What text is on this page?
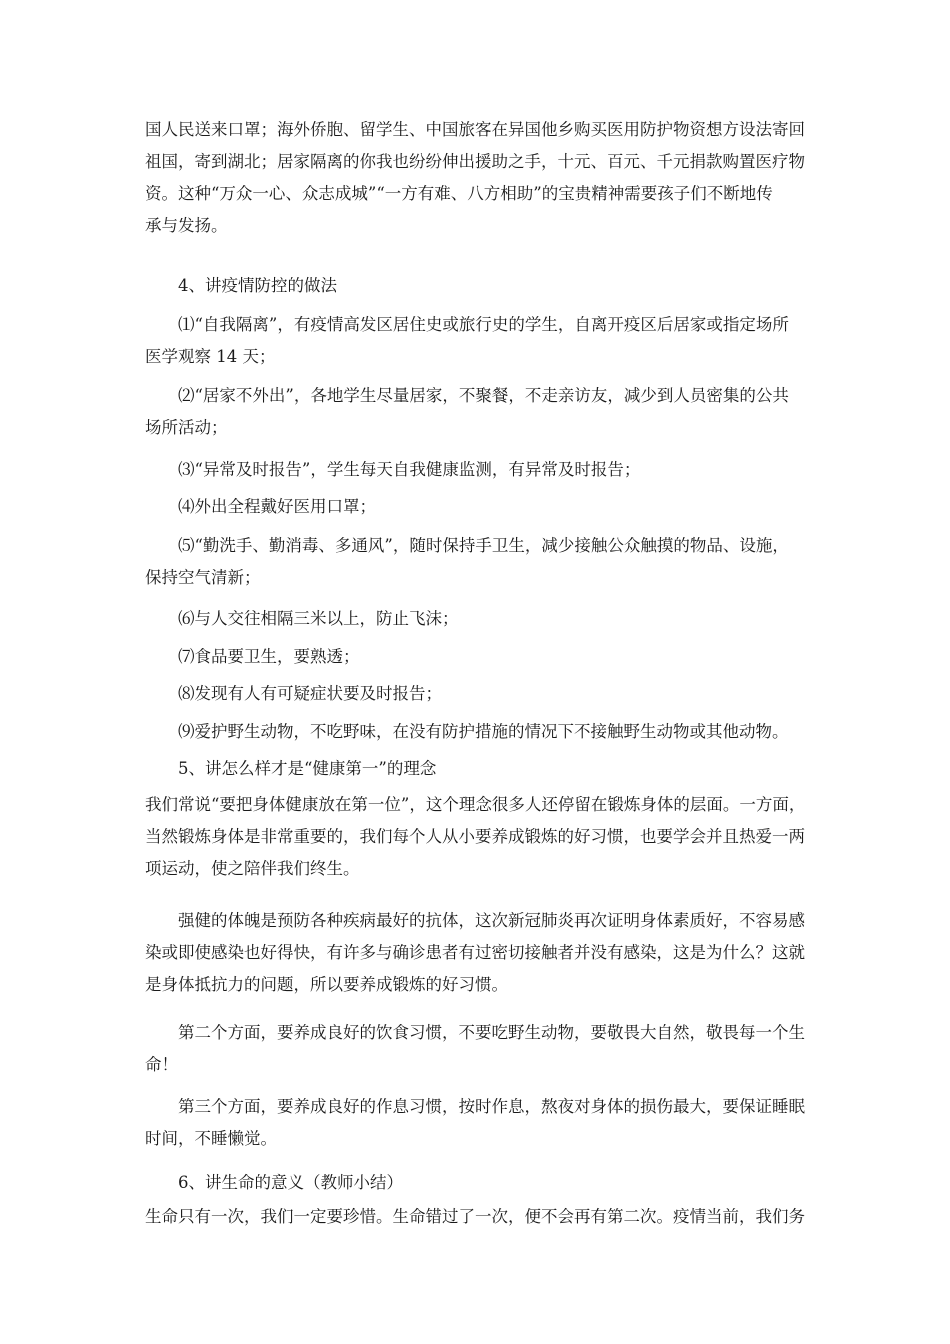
国人民送来口罩；海外侨胞、留学生、中国旅客在异国他乡购买医用防护物资想方设法寄回
祖国，寄到湖北；居家隔离的你我也纷纷伸出援助之手，十元、百元、千元捐款购置医疗物
资。这种“万众一心、众志成城”“一方有难、八方相助”的宝贵精神需要孩子们不断地传
承与发扬。
4、讲疫情防控的做法
⑴“自我隔离”，有疫情高发区居住史或旅行史的学生，自离开疫区后居家或指定场所
医学观察 14 天；
⑵“居家不外出”，各地学生尽量居家，不聚餐，不走亲访友，减少到人员密集的公共
场所活动；
⑶“异常及时报告”，学生每天自我健康监测，有异常及时报告；
⑷外出全程戴好医用口罩；
⑸“勤洗手、勤消毒、多通风”，随时保持手卫生，减少接触公众触摸的物品、设施，
保持空气清新；
⑹与人交往相隔三米以上，防止飞沫；
⑺食品要卫生，要熟透；
⑻发现有人有可疑症状要及时报告；
⑼爱护野生动物，不吃野味，在没有防护措施的情况下不接触野生动物或其他动物。
5、讲怎么样才是“健康第一”的理念
我们常说“要把身体健康放在第一位”，这个理念很多人还停留在锻炼身体的层面。一方面，
当然锻炼身体是非常重要的，我们每个人从小要养成锻炼的好习惯，也要学会并且热爱一两
项运动，使之陪伴我们终生。
强健的体魄是预防各种疾病最好的抗体，这次新冠肺炎再次证明身体素质好，不容易感
染或即使感染也好得快，有许多与确诊患者有过密切接触者并没有感染，这是为什么？这就
是身体抵抗力的问题，所以要养成锻炼的好习惯。
第二个方面，要养成良好的饮食习惯，不要吃野生动物，要敬畏大自然，敬畏每一个生
命！
第三个方面，要养成良好的作息习惯，按时作息，熬夜对身体的损伤最大，要保证睡眠
时间，不睡懒觉。
6、讲生命的意义（教师小结）
生命只有一次，我们一定要珍惜。生命错过了一次，便不会再有第二次。疫情当前，我们务
